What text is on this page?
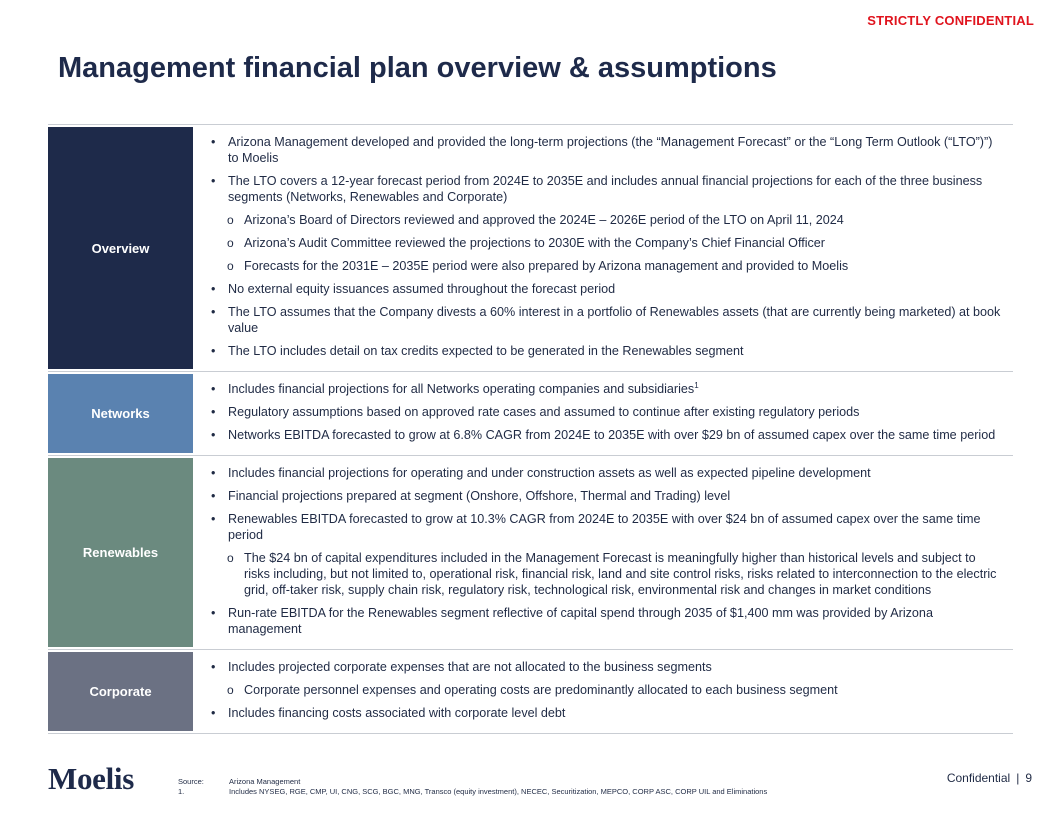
STRICTLY CONFIDENTIAL
Management financial plan overview & assumptions
Overview
• Arizona Management developed and provided the long-term projections (the “Management Forecast” or the “Long Term Outlook (“LTO”)”) to Moelis
• The LTO covers a 12-year forecast period from 2024E to 2035E and includes annual financial projections for each of the three business segments (Networks, Renewables and Corporate)
o Arizona’s Board of Directors reviewed and approved the 2024E – 2026E period of the LTO on April 11, 2024
o Arizona’s Audit Committee reviewed the projections to 2030E with the Company’s Chief Financial Officer
o Forecasts for the 2031E – 2035E period were also prepared by Arizona management and provided to Moelis
• No external equity issuances assumed throughout the forecast period
• The LTO assumes that the Company divests a 60% interest in a portfolio of Renewables assets (that are currently being marketed) at book value
• The LTO includes detail on tax credits expected to be generated in the Renewables segment
Networks
• Includes financial projections for all Networks operating companies and subsidiaries$^1$
• Regulatory assumptions based on approved rate cases and assumed to continue after existing regulatory periods
• Networks EBITDA forecasted to grow at 6.8% CAGR from 2024E to 2035E with over $29 bn of assumed capex over the same time period
Renewables
• Includes financial projections for operating and under construction assets as well as expected pipeline development
• Financial projections prepared at segment (Onshore, Offshore, Thermal and Trading) level
• Renewables EBITDA forecasted to grow at 10.3% CAGR from 2024E to 2035E with over $24 bn of assumed capex over the same time period
o The $24 bn of capital expenditures included in the Management Forecast is meaningfully higher than historical levels and subject to risks including, but not limited to, operational risk, financial risk, land and site control risks, risks related to interconnection to the electric grid, off-taker risk, supply chain risk, regulatory risk, technological risk, environmental risk and changes in market conditions
• Run-rate EBITDA for the Renewables segment reflective of capital spend through 2035 of $1,400 mm was provided by Arizona management
Corporate
• Includes projected corporate expenses that are not allocated to the business segments
o Corporate personnel expenses and operating costs are predominantly allocated to each business segment
• Includes financing costs associated with corporate level debt
Moelis	Source:	Arizona Management
1.	Includes NYSEG, RGE, CMP, UI, CNG, SCG, BGC, MNG, Transco (equity investment), NECEC, Securitization, MEPCO, CORP ASC, CORP UIL and Eliminations
Confidential | 9
